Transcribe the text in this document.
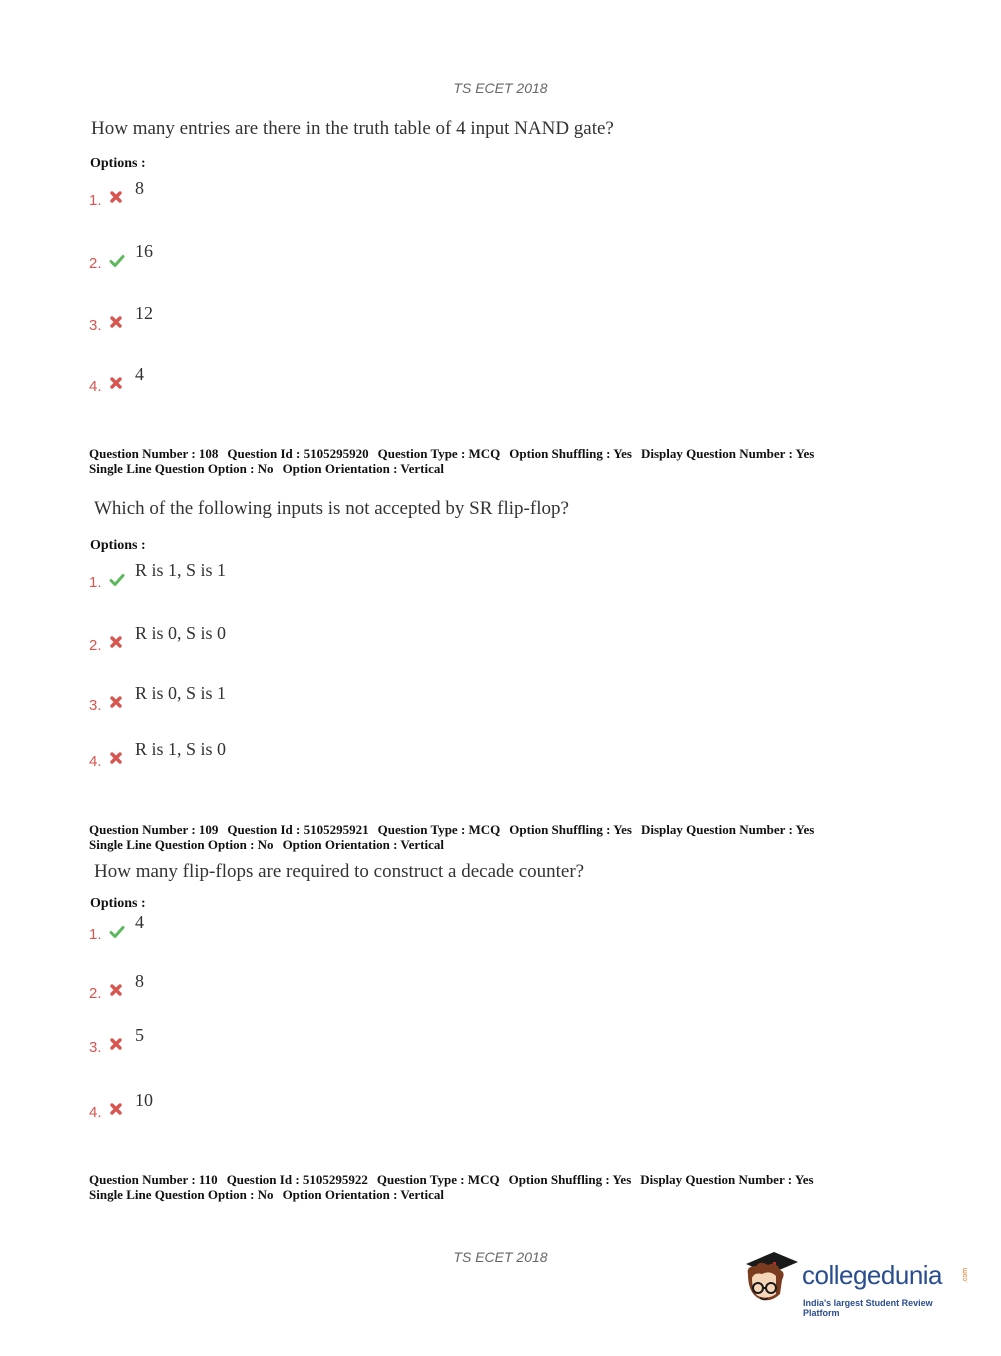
TS ECET 2018
How many entries are there in the truth table of 4 input NAND gate?
Options :
1.
8
2.
16
3.
12
4.
4
Question Number : 108 Question Id : 5105295920 Question Type : MCQ Option Shuffling : Yes Display Question Number : Yes
Single Line Question Option : No Option Orientation : Vertical
Which of the following inputs is not accepted by SR flip-flop?
Options :
1.
R is 1, S is 1
2.
R is 0, S is 0
3.
R is 0, S is 1
4.
R is 1, S is 0
Question Number : 109 Question Id : 5105295921 Question Type : MCQ Option Shuffling : Yes Display Question Number : Yes
Single Line Question Option : No Option Orientation : Vertical
How many flip-flops are required to construct a decade counter?
Options :
1.
4
2.
8
3.
5
4.
10
Question Number : 110 Question Id : 5105295922 Question Type : MCQ Option Shuffling : Yes Display Question Number : Yes
Single Line Question Option : No Option Orientation : Vertical
TS ECET 2018
collegedunia	.com
India's largest Student Review Platform
